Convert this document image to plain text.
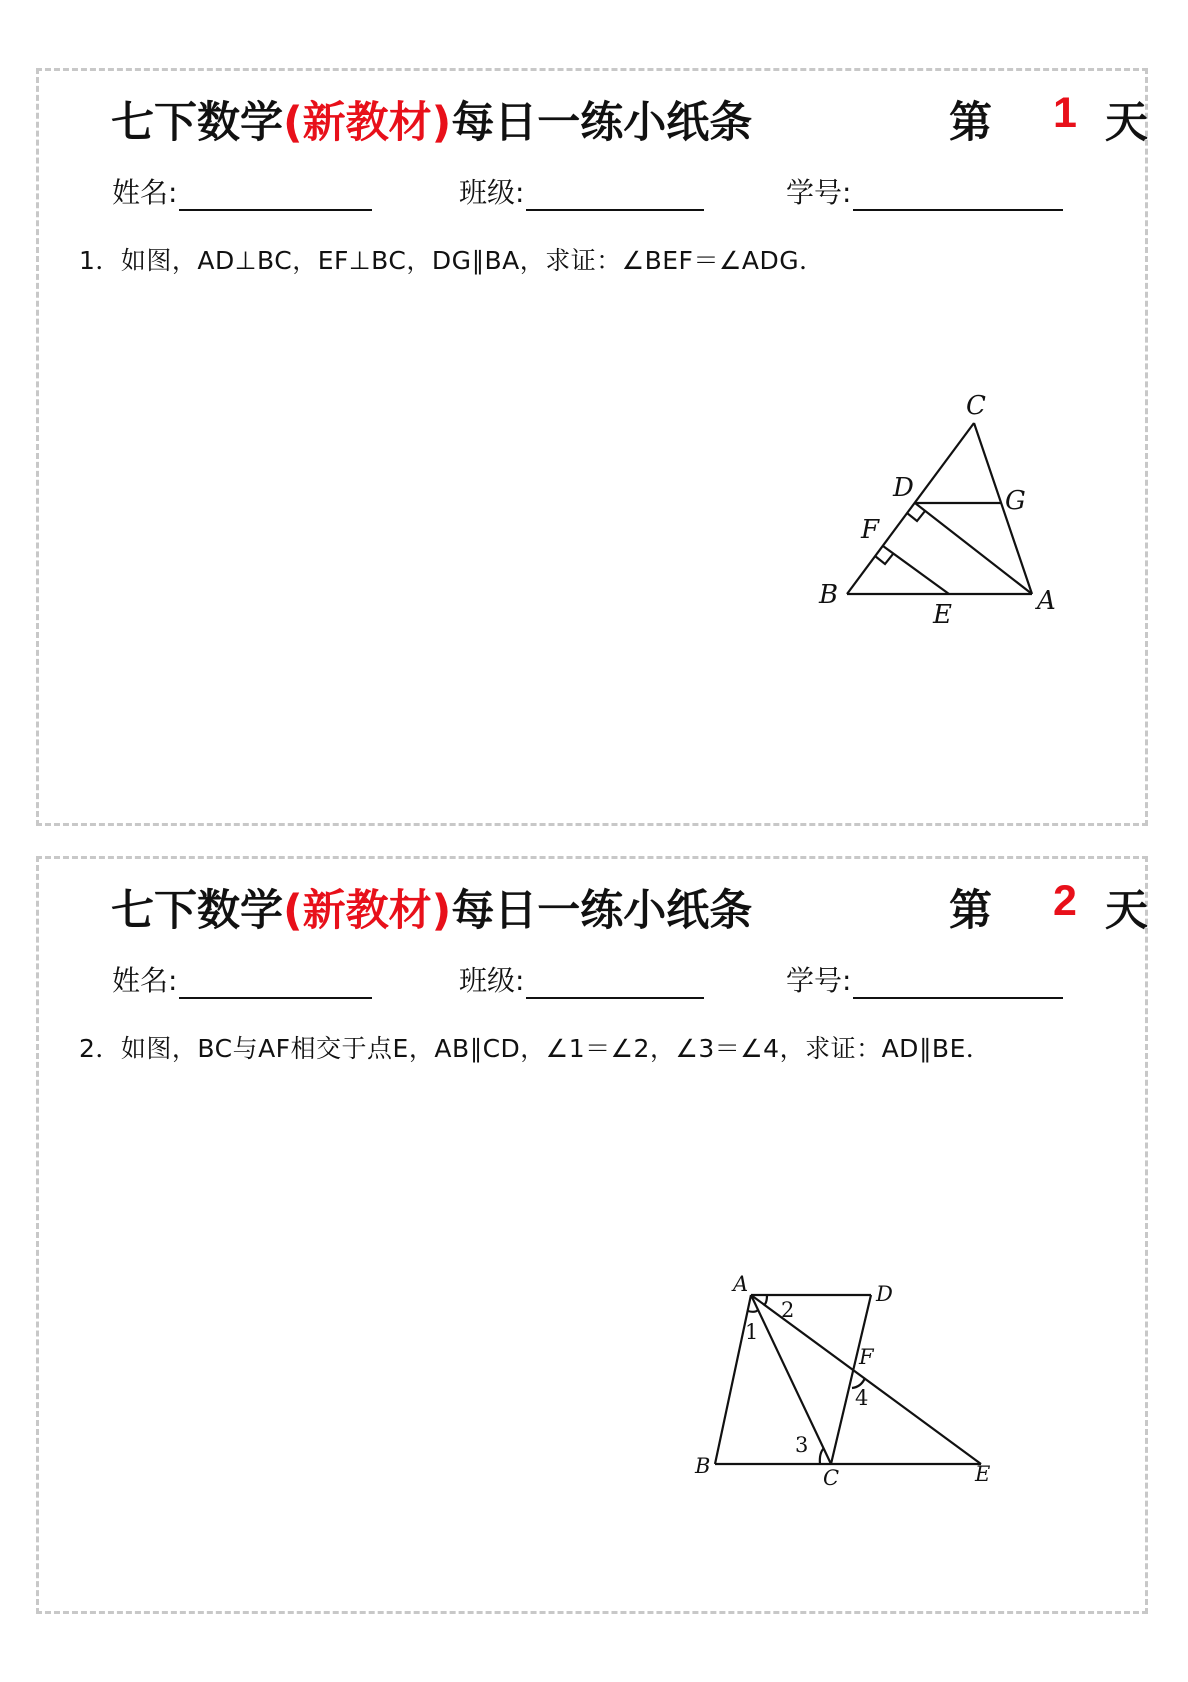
七下数学(新教材)每日一练小纸条	第 1 天
姓名:	班级:	学号:
1．如图，AD⊥BC，EF⊥BC，DG∥BA，求证：∠BEF＝∠ADG．
C
D	G
F
B
E	A
七下数学(新教材)每日一练小纸条	第 2 天
姓名:	班级:	学号:
2．如图，BC与AF相交于点E，AB∥CD，∠1＝∠2，∠3＝∠4，求证：AD∥BE．
A	D
2
1
F
4
3
B	C	E
